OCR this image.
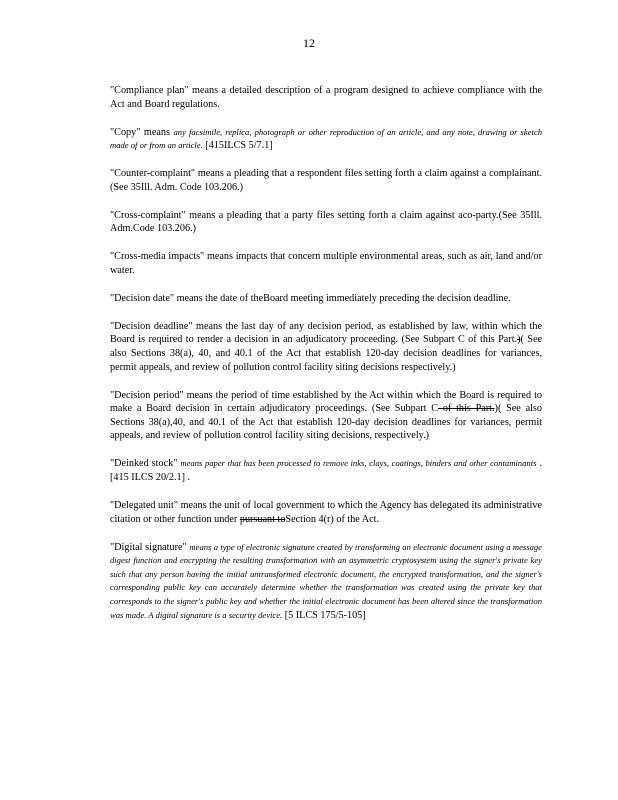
12

"Compliance plan" means a detailed description of a program designed to achieve compliance with the Act and Board regulations.

"Copy" means any facsimile, replica, photograph or other reproduction of an article, and any note, drawing or sketch made of or from an article. [415ILCS 5/7.1]

"Counter-complaint" means a pleading that a respondent files setting forth a claim against a complainant. (See 35Ill. Adm. Code 103.206.)

"Cross-complaint" means a pleading that a party files setting forth a claim against aco-party.(See 35Ill. Adm.Code 103.206.)

"Cross-media impacts" means impacts that concern multiple environmental areas, such as air, land and/or water.

"Decision date" means the date of theBoard meeting immediately preceding the decision deadline.

"Decision deadline" means the last day of any decision period, as established by law, within which the Board is required to render a decision in an adjudicatory proceeding. (See Subpart C of this Part.)( See also Sections 38(a), 40, and 40.1 of the Act that establish 120-day decision deadlines for variances, permit appeals, and review of pollution control facility siting decisions respectively.)

"Decision period" means the period of time established by the Act within which the Board is required to make a Board decision in certain adjudicatory proceedings. (See Subpart C of this Part.)( See also Sections 38(a),40, and 40.1 of the Act that establish 120-day decision deadlines for variances, permit appeals, and review of pollution control facility siting decisions, respectively.)

"Deinked stock" means paper that has been processed to remove inks, clays, coatings, binders and other contaminants .[415 ILCS 20/2.1] .

"Delegated unit" means the unit of local government to which the Agency has delegated its administrative citation or other function under pursuant toSection 4(r) of the Act.

"Digital signature" means a type of electronic signature created by transforming an electronic document using a message digest function and encrypting the resulting transformation with an asymmetric cryptosystem using the signer's private key such that any person having the initial untransformed electronic document, the encrypted transformation, and the signer's corresponding public key can accurately determine whether the transformation was created using the private key that corresponds to the signer's public key and whether the initial electronic document has been altered since the transformation was made. A digital signature is a security device. [5 ILCS 175/5-105]
